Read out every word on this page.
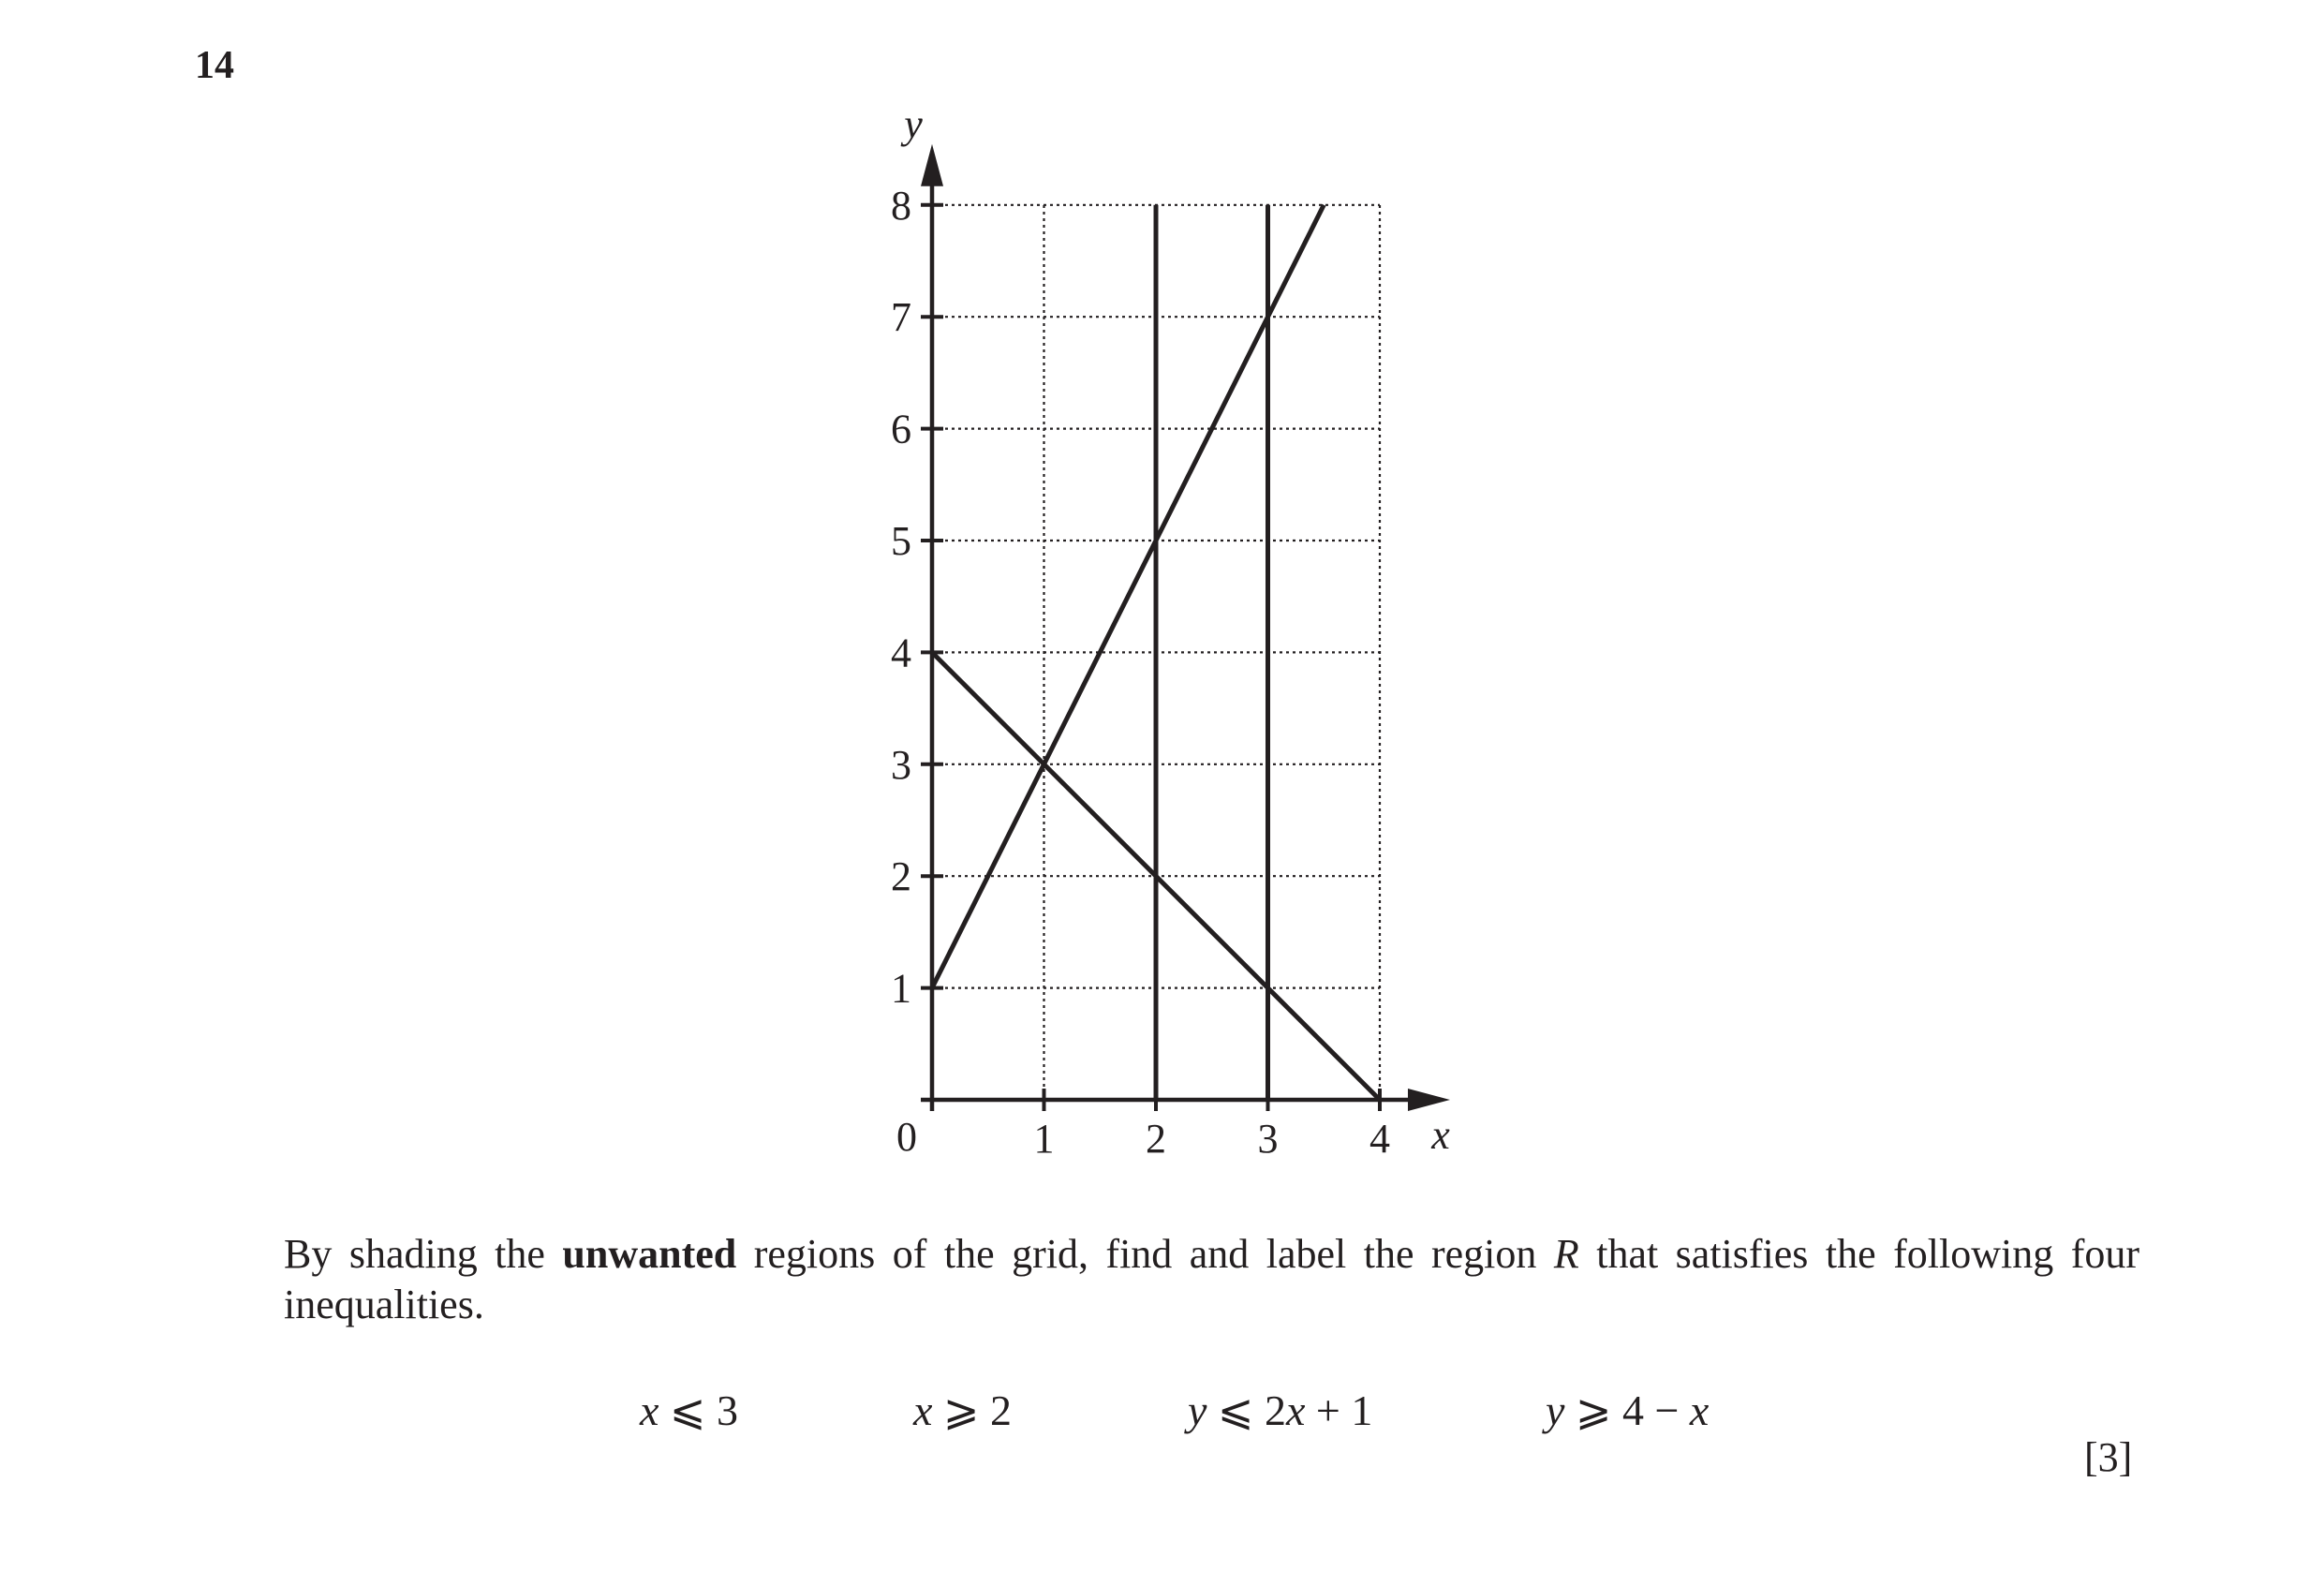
14
1
2
3
4
5
6
7
8
1 2 3 4
0	x
y
By shading the unwanted regions of the grid, find and label the region R that satisfies the following four inequalities.
x ⩽ 3	x ⩾ 2	y ⩽ 2x + 1	y ⩾ 4 − x
[3]
